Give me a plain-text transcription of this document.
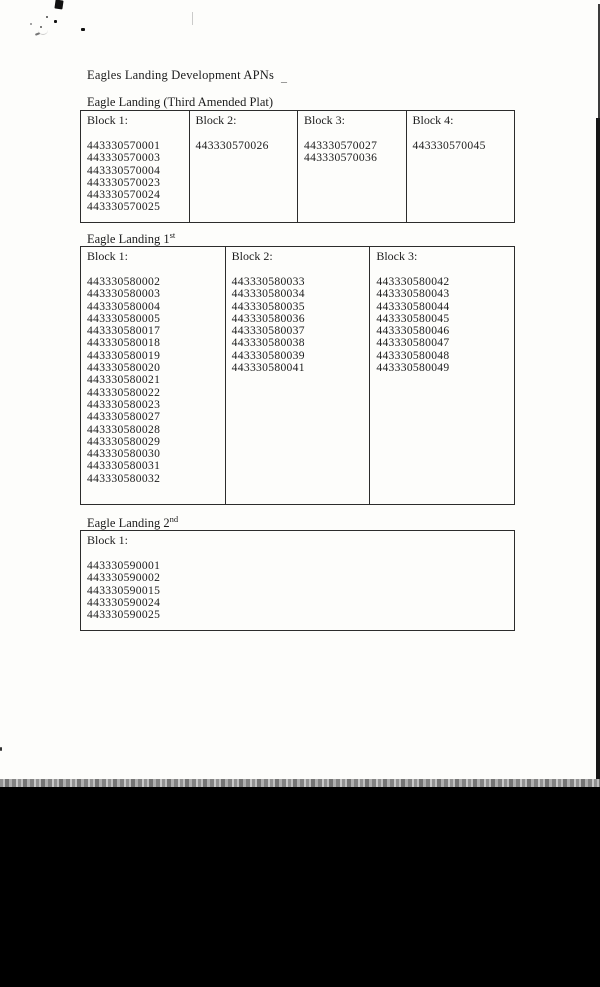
Eagles Landing Development APNs –
Eagle Landing (Third Amended Plat)
Block 1:
443330570001
443330570003
443330570004
443330570023
443330570024
443330570025
Block 2:
443330570026
Block 3:
443330570027
443330570036
Block 4:
443330570045
Eagle Landing 1st
Block 1:
443330580002
443330580003
443330580004
443330580005
443330580017
443330580018
443330580019
443330580020
443330580021
443330580022
443330580023
443330580027
443330580028
443330580029
443330580030
443330580031
443330580032
Block 2:
443330580033
443330580034
443330580035
443330580036
443330580037
443330580038
443330580039
443330580041
Block 3:
443330580042
443330580043
443330580044
443330580045
443330580046
443330580047
443330580048
443330580049
Eagle Landing 2nd
Block 1:
443330590001
443330590002
443330590015
443330590024
443330590025
